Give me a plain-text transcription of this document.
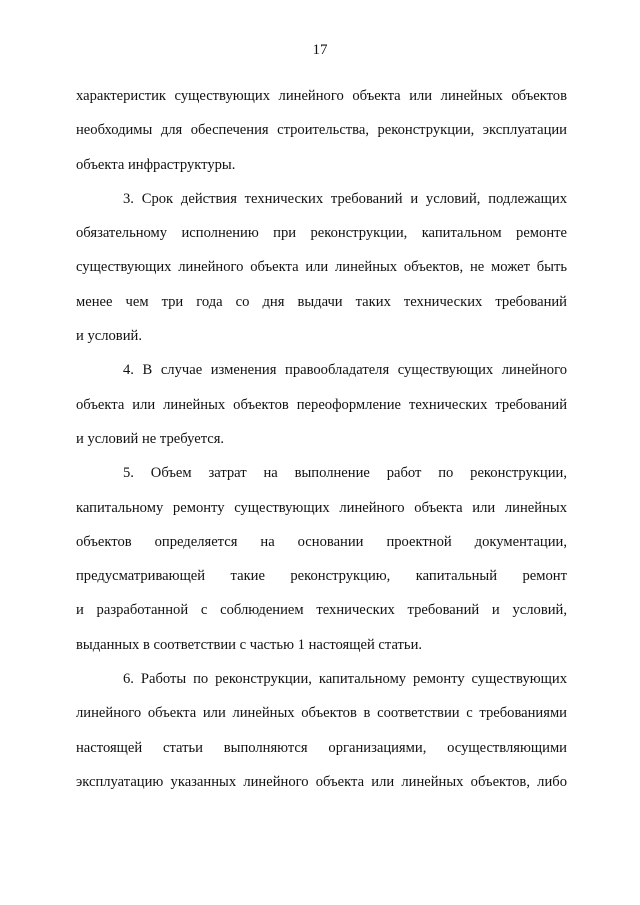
17
характеристик существующих линейного объекта или линейных объектов
необходимы для обеспечения строительства, реконструкции, эксплуатации
объекта инфраструктуры.
3. Срок действия технических требований и условий, подлежащих
обязательному исполнению при реконструкции, капитальном ремонте
существующих линейного объекта или линейных объектов, не может быть
менее чем три года со дня выдачи таких технических требований
и условий.
4. В случае изменения правообладателя существующих линейного
объекта или линейных объектов переоформление технических требований
и условий не требуется.
5. Объем затрат на выполнение работ по реконструкции,
капитальному ремонту существующих линейного объекта или линейных
объектов определяется на основании проектной документации,
предусматривающей такие реконструкцию, капитальный ремонт
и разработанной с соблюдением технических требований и условий,
выданных в соответствии с частью 1 настоящей статьи.
6. Работы по реконструкции, капитальному ремонту существующих
линейного объекта или линейных объектов в соответствии с требованиями
настоящей статьи выполняются организациями, осуществляющими
эксплуатацию указанных линейного объекта или линейных объектов, либо
